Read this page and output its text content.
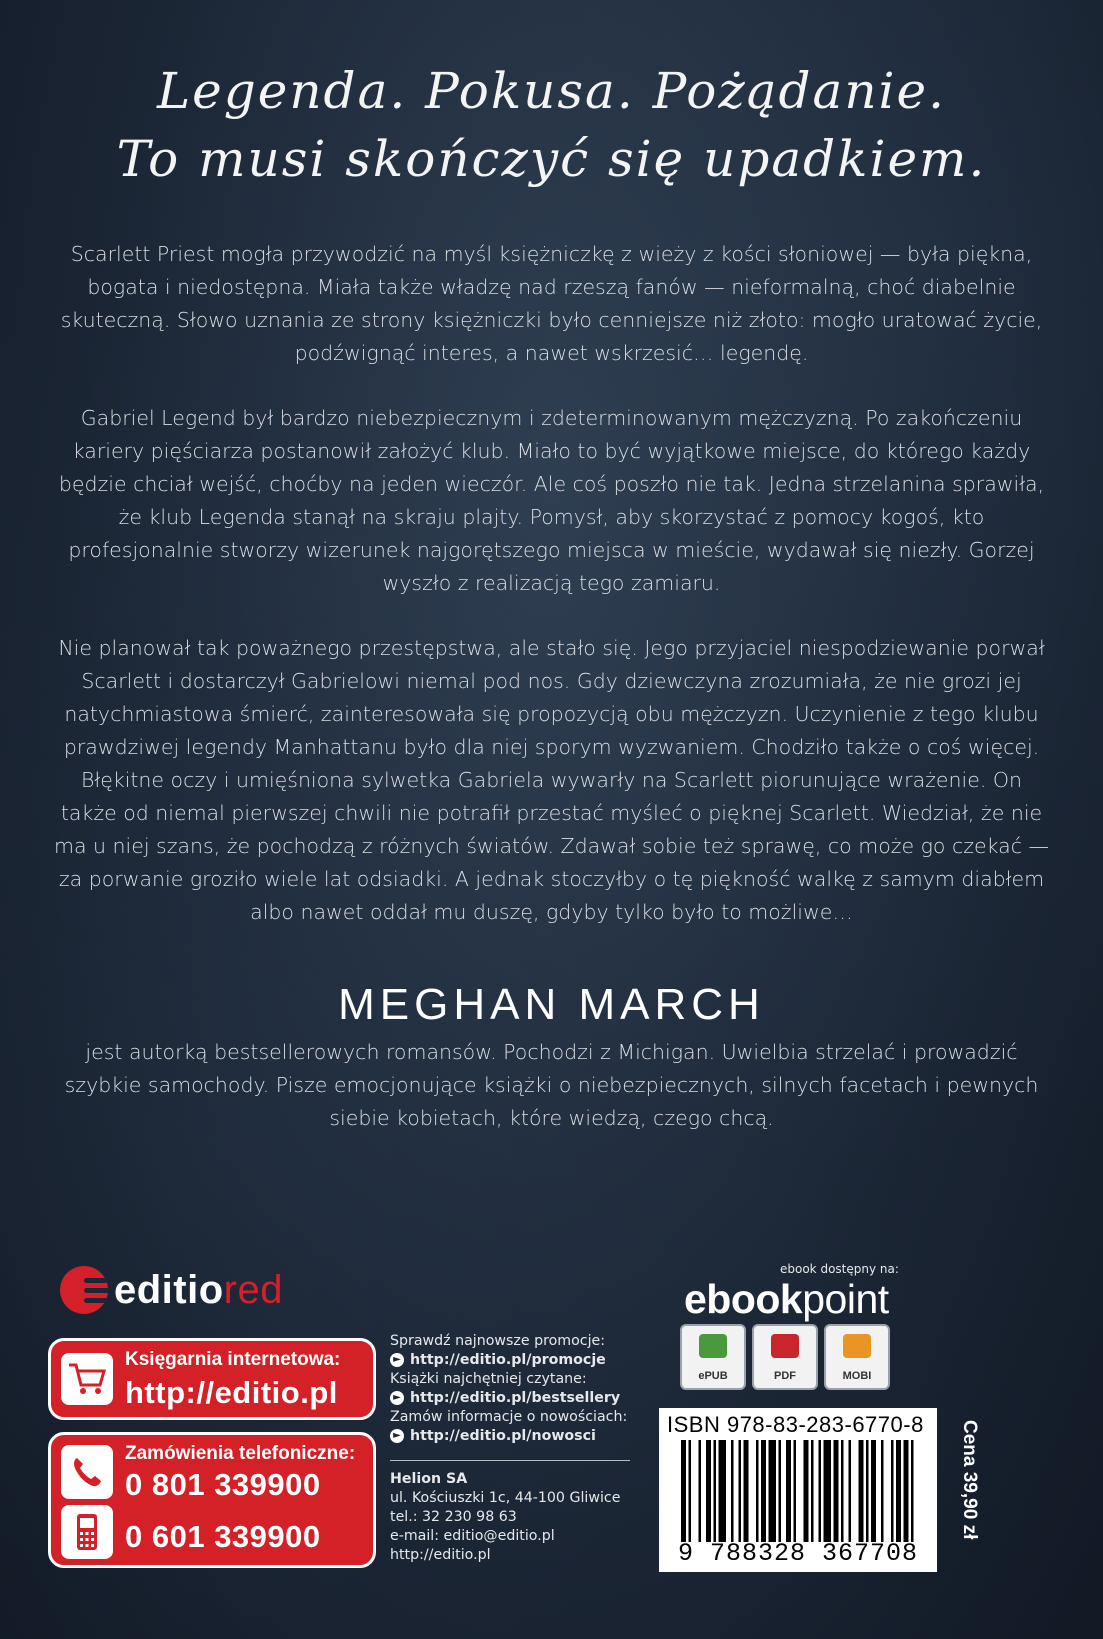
Legenda. Pokusa. Pożądanie.

To musi skończyć się upadkiem.

Scarlett Priest mogła przywodzić na myśl księżniczkę z wieży z kości słoniowej — była piękna, bogata i niedostępna. Miała także władzę nad rzeszą fanów — nieformalną, choć diabelnie skuteczną. Słowo uznania ze strony księżniczki było cenniejsze niż złoto: mogło uratować życie, podźwignąć interes, a nawet wskrzesić… legendę.

Gabriel Legend był bardzo niebezpiecznym i zdeterminowanym mężczyzną. Po zakończeniu kariery pięściarza postanowił założyć klub. Miało to być wyjątkowe miejsce, do którego każdy będzie chciał wejść, choćby na jeden wieczór. Ale coś poszło nie tak. Jedna strzelanina sprawiła, że klub Legenda stanął na skraju plajty. Pomysł, aby skorzystać z pomocy kogoś, kto profesjonalnie stworzy wizerunek najgorętszego miejsca w mieście, wydawał się niezły. Gorzej wyszło z realizacją tego zamiaru.

Nie planował tak poważnego przestępstwa, ale stało się. Jego przyjaciel niespodziewanie porwał Scarlett i dostarczył Gabrielowi niemal pod nos. Gdy dziewczyna zrozumiała, że nie grozi jej natychmiastowa śmierć, zainteresowała się propozycją obu mężczyzn. Uczynienie z tego klubu prawdziwej legendy Manhattanu było dla niej sporym wyzwaniem. Chodziło także o coś więcej. Błękitne oczy i umięśniona sylwetka Gabriela wywarły na Scarlett piorunujące wrażenie. On także od niemal pierwszej chwili nie potrafił przestać myśleć o pięknej Scarlett. Wiedział, że nie ma u niej szans, że pochodzą z różnych światów. Zdawał sobie też sprawę, co może go czekać — za porwanie groziło wiele lat odsiadki. A jednak stoczyłby o tę piękność walkę z samym diabłem albo nawet oddał mu duszę, gdyby tylko było to możliwe…

MEGHAN MARCH

jest autorką bestsellerowych romansów. Pochodzi z Michigan. Uwielbia strzelać i prowadzić szybkie samochody. Pisze emocjonujące książki o niebezpiecznych, silnych facetach i pewnych siebie kobietach, które wiedzą, czego chcą.

editiored
Księgarnia internetowa:
http://editio.pl
Zamówienia telefoniczne:
0 801 339900
0 601 339900
Sprawdź najnowsze promocje:
► http://editio.pl/promocje
Książki najchętniej czytane:
► http://editio.pl/bestsellery
Zamów informacje o nowościach:
► http://editio.pl/nowosci
Helion SA
ul. Kościuszki 1c, 44-100 Gliwice
tel.: 32 230 98 63
e-mail: editio@editio.pl
http://editio.pl
ebook dostępny na:
ebookpoint
ePUB	PDF	MOBI

ISBN 978-83-283-6770-8

9 788328 367708
Cena 39,90 zł
